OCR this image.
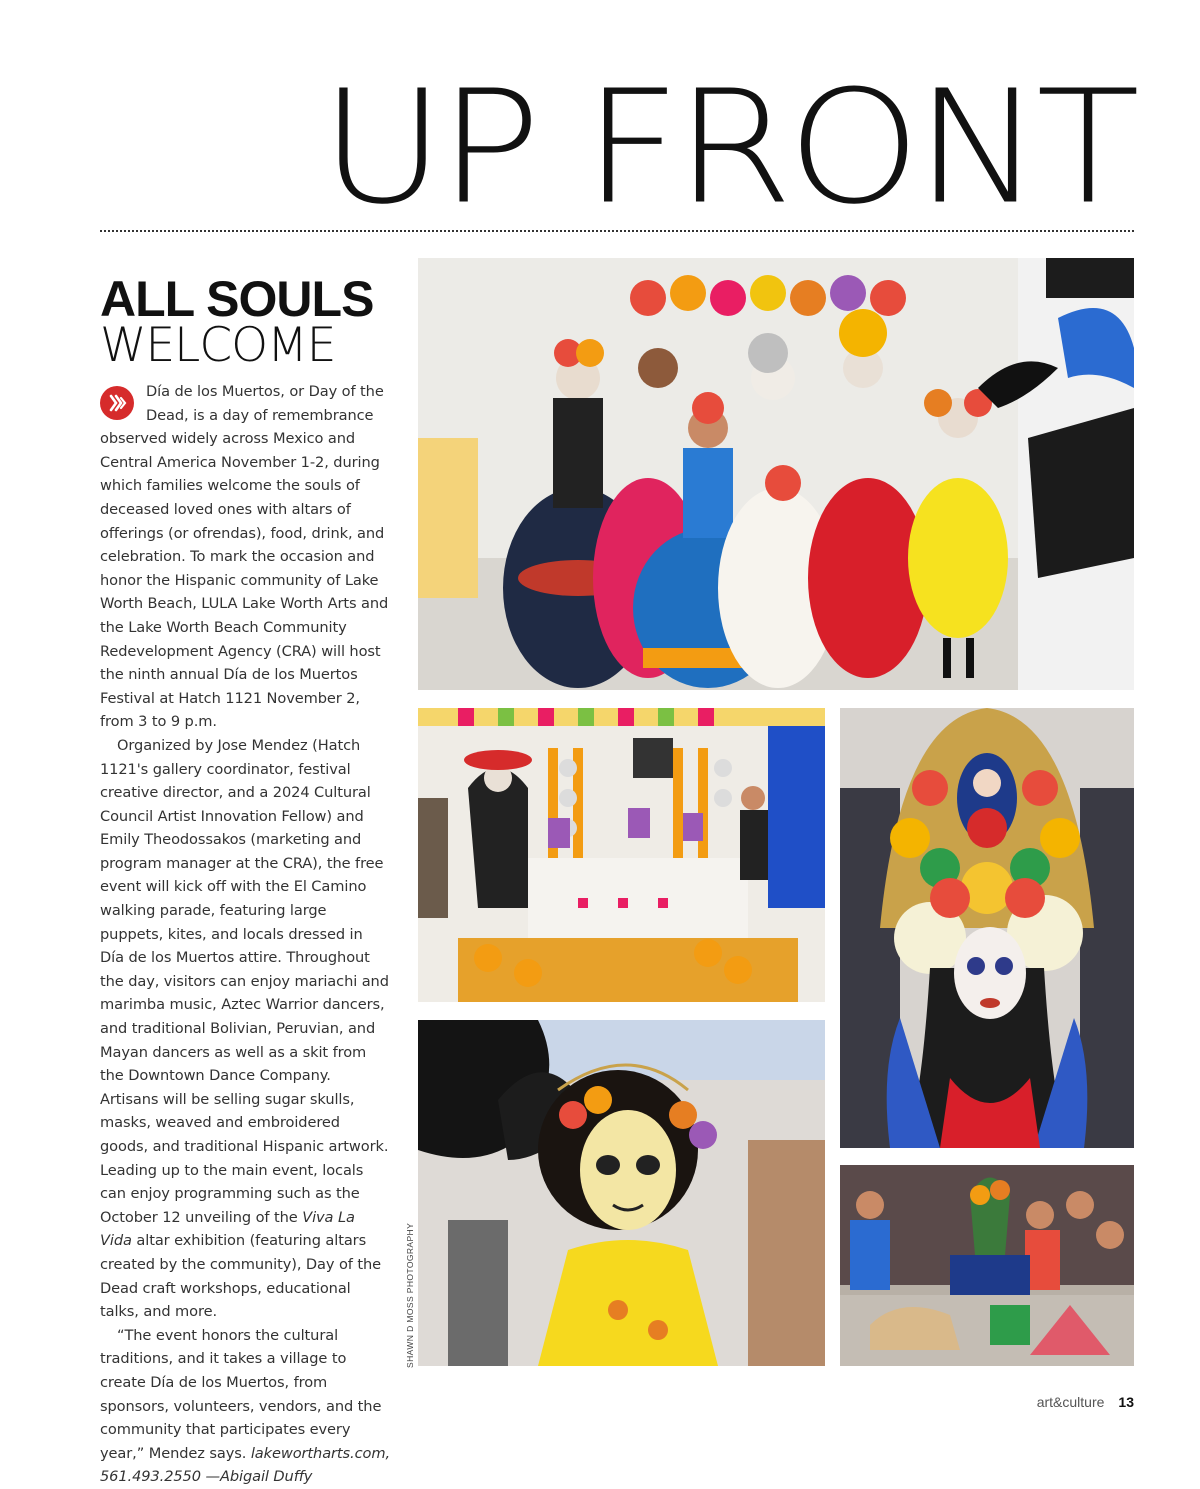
UP FRONT
ALL SOULS
WELCOME

Día de los Muertos, or Day of the Dead, is a day of remembrance observed widely across Mexico and Central America November 1-2, during which families welcome the souls of deceased loved ones with altars of offerings (or ofrendas), food, drink, and celebration. To mark the occasion and honor the Hispanic community of Lake Worth Beach, LULA Lake Worth Arts and the Lake Worth Beach Community Redevelopment Agency (CRA) will host the ninth annual Día de los Muertos Festival at Hatch 1121 November 2, from 3 to 9 p.m.

Organized by Jose Mendez (Hatch 1121's gallery coordinator, festival creative director, and a 2024 Cultural Council Artist Innovation Fellow) and Emily Theodossakos (marketing and program manager at the CRA), the free event will kick off with the El Camino walking parade, featuring large puppets, kites, and locals dressed in Día de los Muertos attire. Throughout the day, visitors can enjoy mariachi and marimba music, Aztec Warrior dancers, and traditional Bolivian, Peruvian, and Mayan dancers as well as a skit from the Downtown Dance Company. Artisans will be selling sugar skulls, masks, weaved and embroidered goods, and traditional Hispanic artwork. Leading up to the main event, locals can enjoy programming such as the October 12 unveiling of the Viva La Vida altar exhibition (featuring altars created by the community), Day of the Dead craft workshops, educational talks, and more.

“The event honors the cultural traditions, and it takes a village to create Día de los Muertos, from sponsors, volunteers, vendors, and the community that participates every year,” Mendez says. lakewortharts.com, 561.493.2550 —Abigail Duffy

SHAWN D MOSS PHOTOGRAPHY
art&culture 13
